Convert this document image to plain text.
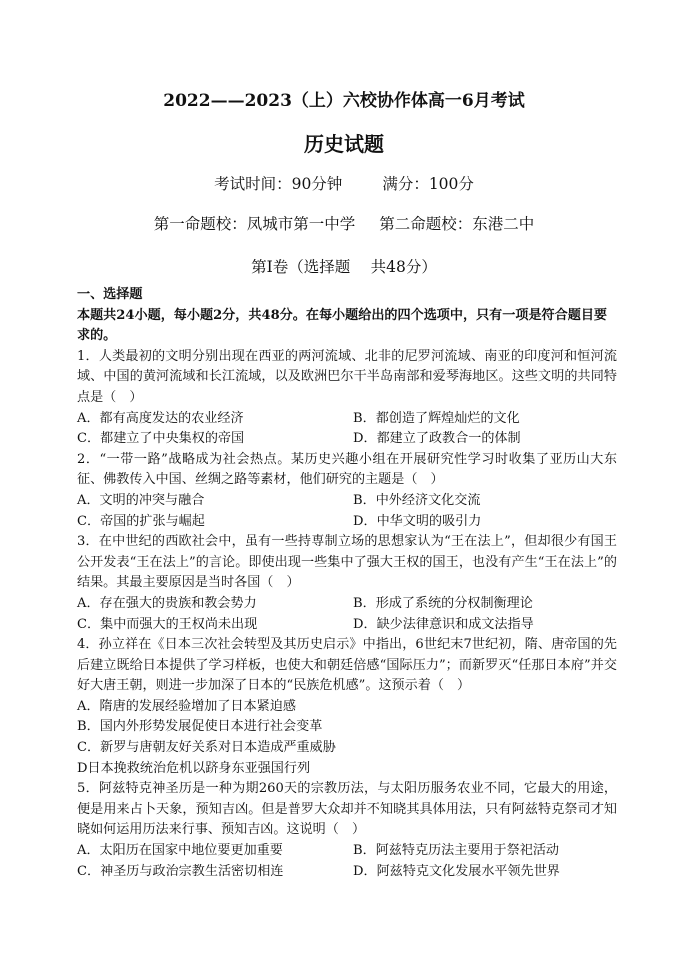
2022——2023（上）六校协作体高一6月考试
历史试题
考试时间：90分钟	满分：100分
第一命题校：凤城市第一中学 第二命题校：东港二中
第Ⅰ卷（选择题　 共48分）

一、选择题

本题共24小题，每小题2分，共48分。在每小题给出的四个选项中，只有一项是符合题目要求的。

1．人类最初的文明分别出现在西亚的两河流域、北非的尼罗河流域、南亚的印度河和恒河流域、中国的黄河流域和长江流域，以及欧洲巴尔干半岛南部和爱琴海地区。这些文明的共同特点是（　）

A．都有高度发达的农业经济	B．都创造了辉煌灿烂的文化
C．都建立了中央集权的帝国	D．都建立了政教合一的体制

2．“一带一路”战略成为社会热点。某历史兴趣小组在开展研究性学习时收集了亚历山大东征、佛教传入中国、丝绸之路等素材，他们研究的主题是（　）

A．文明的冲突与融合	B．中外经济文化交流
C．帝国的扩张与崛起	D．中华文明的吸引力

3．在中世纪的西欧社会中，虽有一些持専制立场的思想家认为“王在法上”，但却很少有国王公开发表“王在法上”的言论。即使出现一些集中了强大王权的国王，也没有产生“王在法上”的结果。其最主要原因是当时各国（　）

A．存在强大的贵族和教会势力	B．形成了系统的分权制衡理论
C．集中而强大的王权尚未出现	D．缺少法律意识和成文法指导

4．孙立祥在《日本三次社会转型及其历史启示》中指出，6世纪末7世纪初，隋、唐帝国的先后建立既给日本提供了学习样板，也使大和朝廷倍感“国际压力”；而新罗灭“任那日本府”并交好大唐王朝，则进一步加深了日本的“民族危机感”。这预示着（　）

A．隋唐的发展经验增加了日本紧迫感

B．国内外形势发展促使日本进行社会变革

C．新罗与唐朝友好关系对日本造成严重威胁

D日本挽救统治危机以跻身东亚强国行列

5．阿兹特克神圣历是一种为期260天的宗教历法，与太阳历服务农业不同，它最大的用途，便是用来占卜天象，预知吉凶。但是普罗大众却并不知晓其具体用法，只有阿兹特克祭司才知晓如何运用历法来行事、预知吉凶。这说明（　）

A．太阳历在国家中地位要更加重要	B．阿兹特克历法主要用于祭祀活动
C．神圣历与政治宗教生活密切相连	D．阿兹特克文化发展水平领先世界
